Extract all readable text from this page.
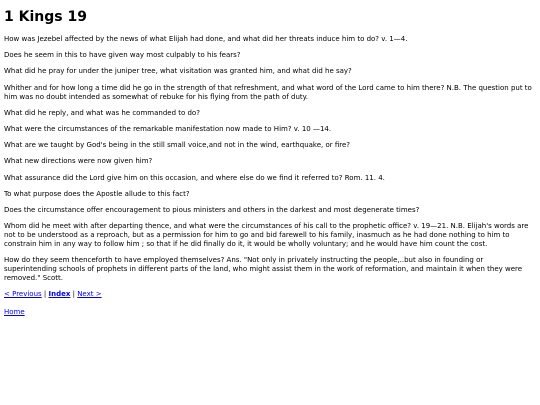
1 Kings 19

How was Jezebel affected by the news of what Elijah had done, and what did her threats induce him to do? v. 1—4.

Does he seem in this to have given way most culpably to his fears?

What did he pray for under the juniper tree, what visitation was granted him, and what did he say?

Whither and for how long a time did he go in the strength of that refreshment, and what word of the Lord came to him there? N.B. The question put to him was no doubt intended as somewhat of rebuke for his flying from the path of duty.

What did he reply, and what was he commanded to do?

What were the circumstances of the remarkable manifestation now made to Him? v. 10 —14.

What are we taught by God's being in the still small voice,and not in the wind, earthquake, or fire?

What new directions were now given him?

What assurance did the Lord give him on this occasion, and where else do we find it referred to? Rom. 11. 4.

To what purpose does the Apostle allude to this fact?

Does the circumstance offer encouragement to pious ministers and others in the darkest and most degenerate times?

Whom did he meet with after departing thence, and what were the circumstances of his call to the prophetic office? v. 19—21. N.B. Elijah's words are not to be understood as a reproach, but as a permission for him to go and bid farewell to his family, inasmuch as he had done nothing to him to constrain him in any way to follow him ; so that if he did finally do it, it would be wholly voluntary; and he would have him count the cost.

How do they seem thenceforth to have employed themselves? Ans. "Not only in privately instructing the people,..but also in founding or superintending schools of prophets in different parts of the land, who might assist them in the work of reformation, and maintain it when they were removed." Scott.

< Previous | Index | Next >
Home
